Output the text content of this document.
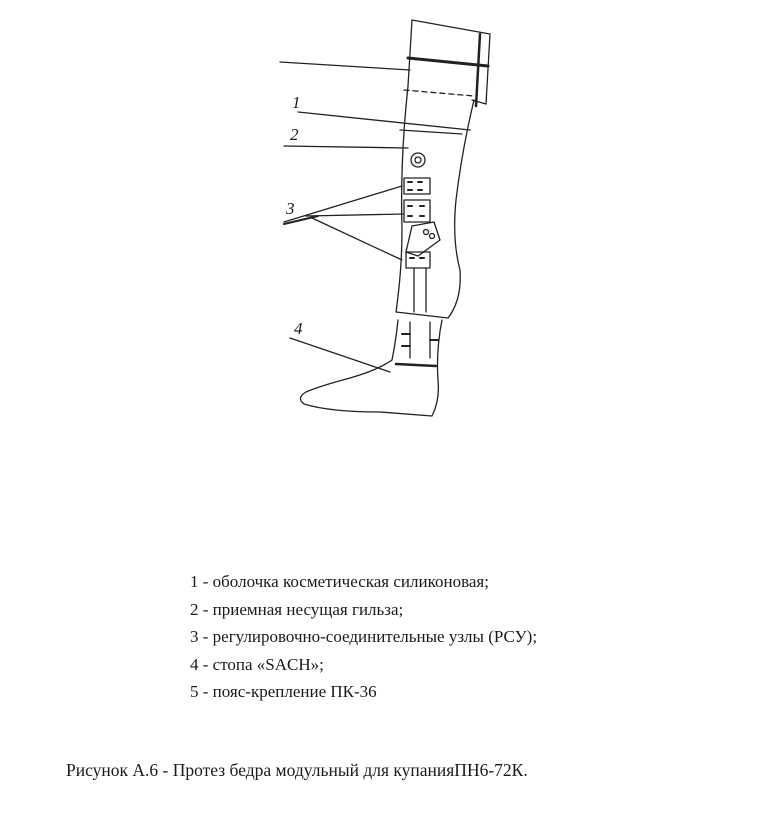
1
2
3
4
1 - оболочка косметическая силиконовая;
2 - приемная несущая гильза;
3 - регулировочно-соединительные узлы (РСУ);
4 - стопа «SACH»;
5 - пояс-крепление ПК-36
Рисунок А.6 - Протез бедра модульный для купанияПН6-72К.
